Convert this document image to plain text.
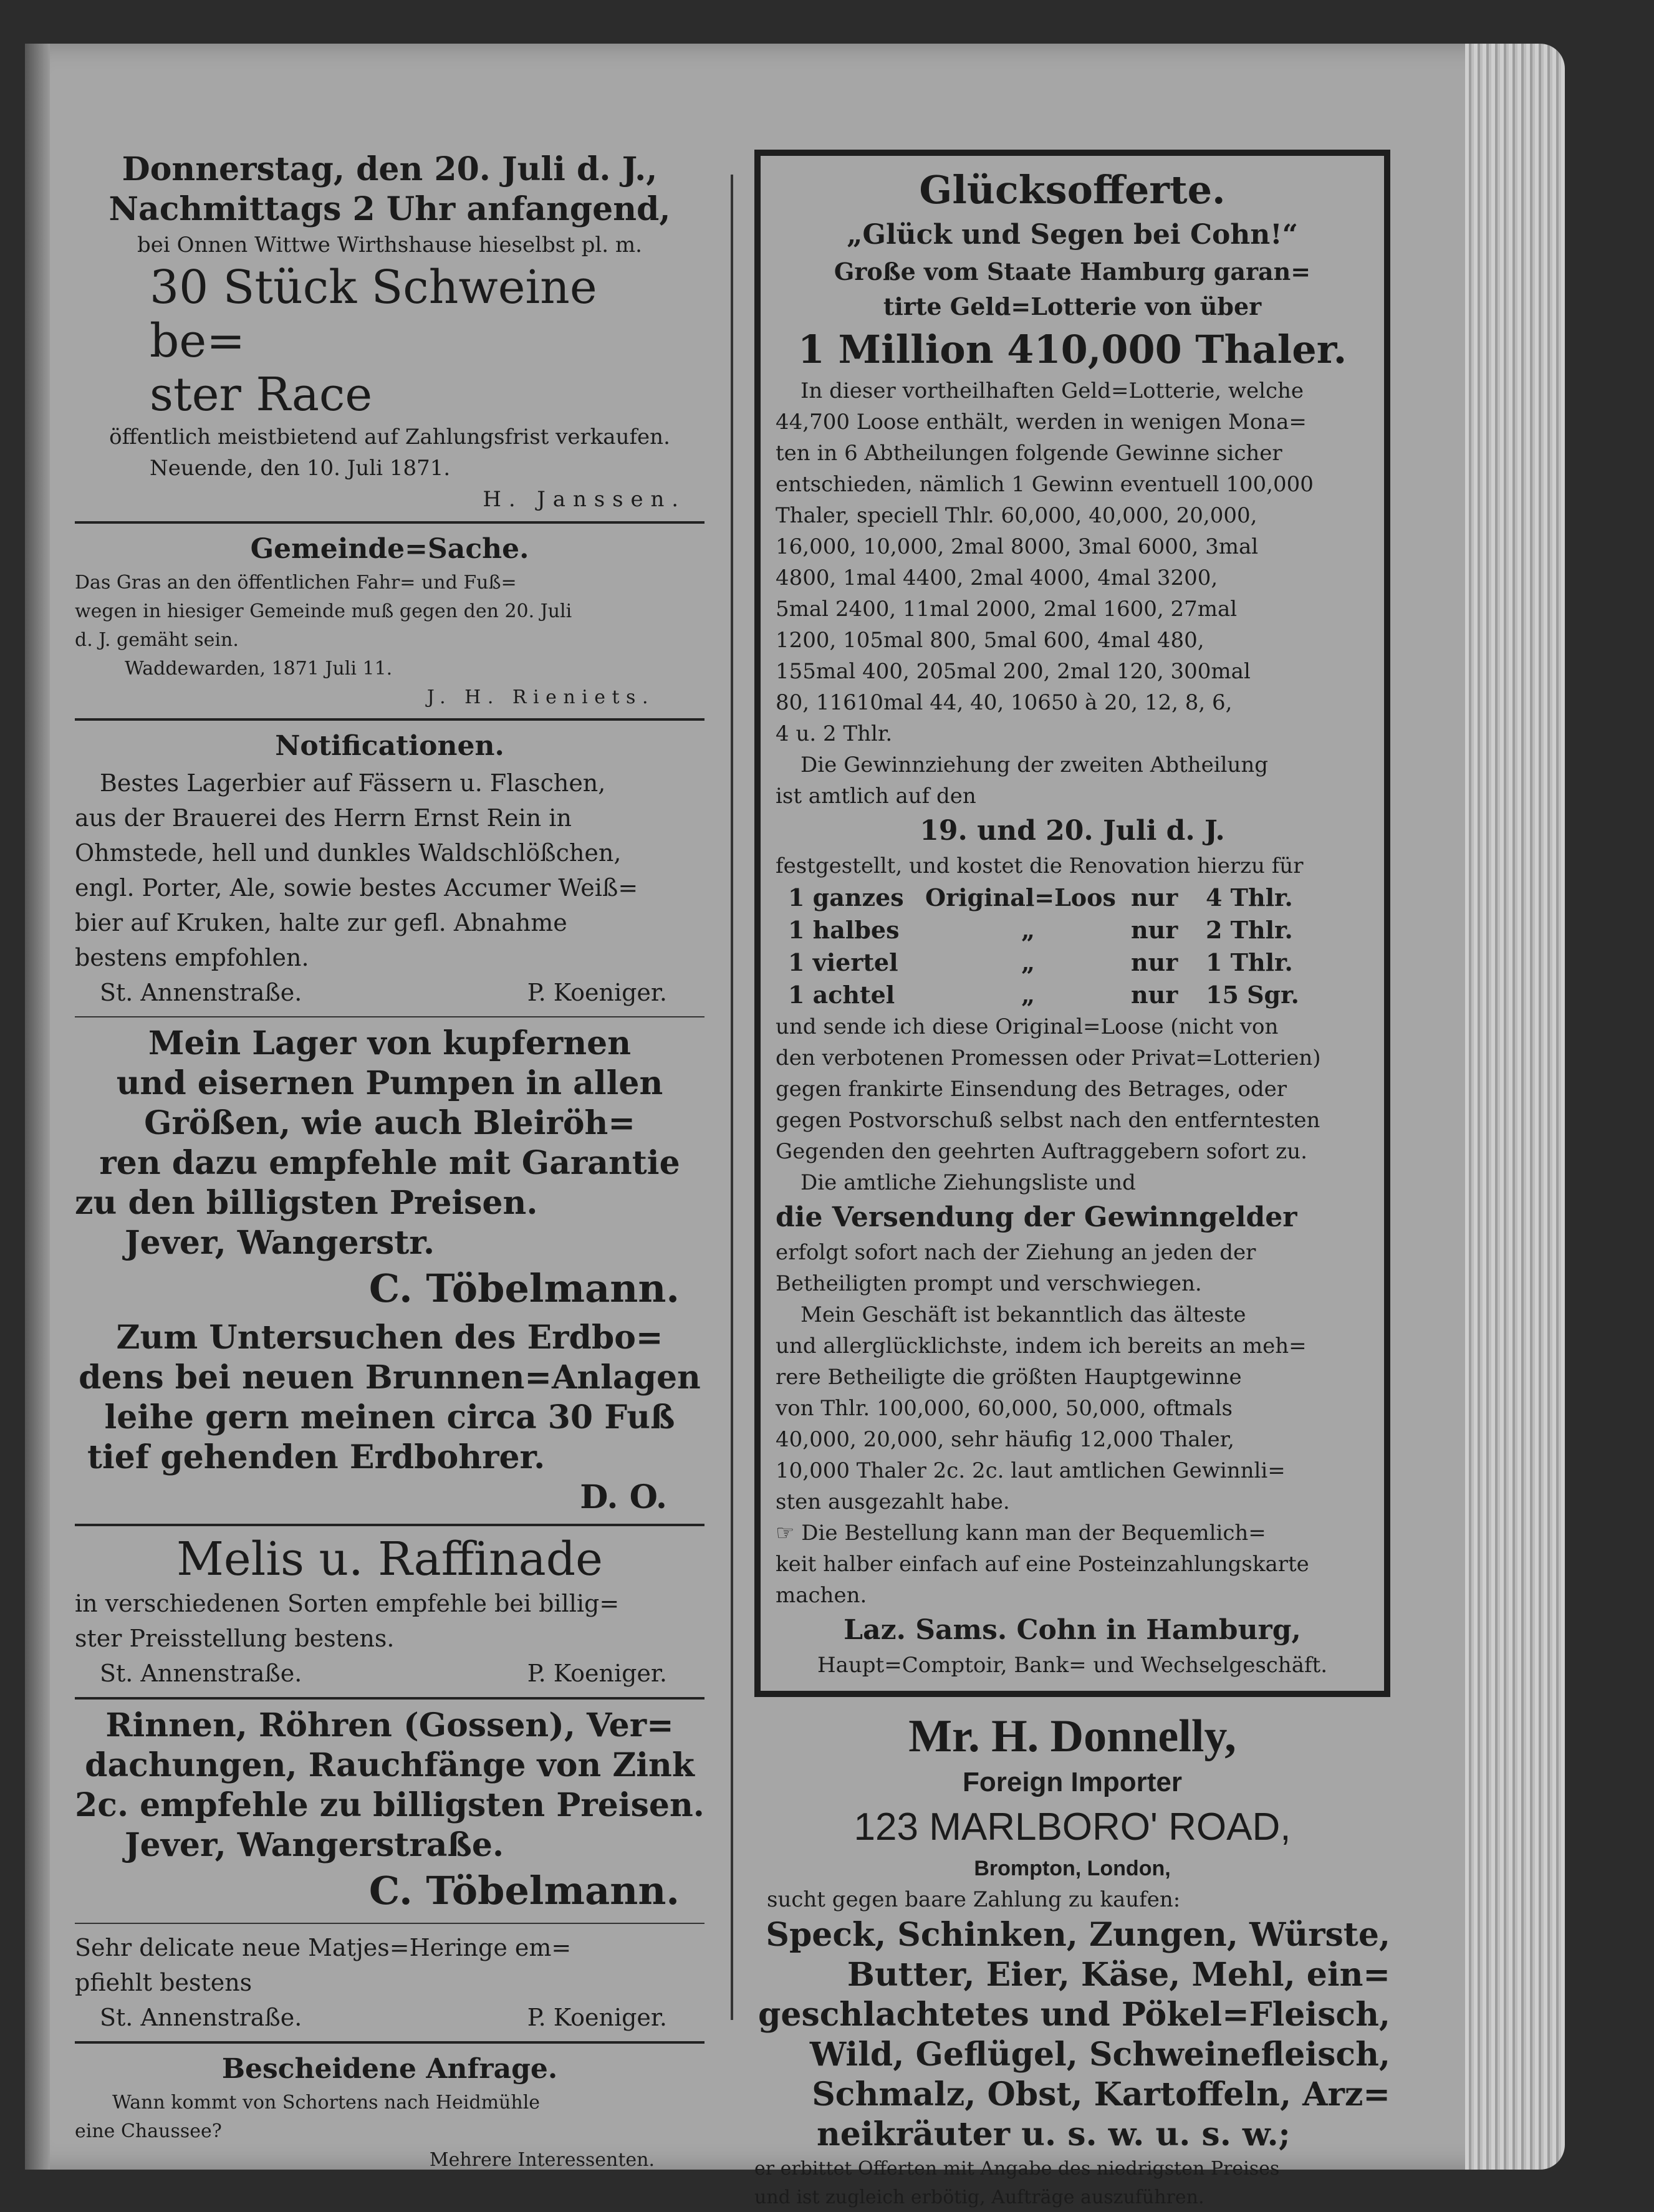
Donnerstag, den 20. Juli d. J.,

Nachmittags 2 Uhr anfangend,

bei Onnen Wittwe Wirthshause hieselbst pl. m.

30 Stück Schweine be=

ster Race

öffentlich meistbietend auf Zahlungsfrist verkaufen.

Neuende, den 10. Juli 1871.

H. Janssen.

Gemeinde=Sache.

Das Gras an den öffentlichen Fahr= und Fuß=

wegen in hiesiger Gemeinde muß gegen den 20. Juli

d. J. gemäht sein.

Waddewarden, 1871 Juli 11.

J. H. Rieniets.

Notificationen.

Bestes Lagerbier auf Fässern u. Flaschen,

aus der Brauerei des Herrn Ernst Rein in

Ohmstede, hell und dunkles Waldschlößchen,

engl. Porter, Ale, sowie bestes Accumer Weiß=

bier auf Kruken, halte zur gefl. Abnahme

bestens empfohlen.

St. Annenstraße.	P. Koeniger.

Mein Lager von kupfernen

und eisernen Pumpen in allen

Größen, wie auch Bleiröh=

ren dazu empfehle mit Garantie

zu den billigsten Preisen.

Jever, Wangerstr.

C. Töbelmann.

Zum Untersuchen des Erdbo=

dens bei neuen Brunnen=Anlagen

leihe gern meinen circa 30 Fuß

tief gehenden Erdbohrer.

D. O.

Melis u. Raffinade

in verschiedenen Sorten empfehle bei billig=

ster Preisstellung bestens.

St. Annenstraße.	P. Koeniger.

Rinnen, Röhren (Gossen), Ver=

dachungen, Rauchfänge von Zink

2c. empfehle zu billigsten Preisen.

Jever, Wangerstraße.

C. Töbelmann.

Sehr delicate neue Matjes=Heringe em=

pfiehlt bestens

St. Annenstraße.	P. Koeniger.

Bescheidene Anfrage.

Wann kommt von Schortens nach Heidmühle

eine Chaussee?

Mehrere Interessenten.

Glücksofferte.

„Glück und Segen bei Cohn!“

Große vom Staate Hamburg garan=

tirte Geld=Lotterie von über

1 Million 410,000 Thaler.

In dieser vortheilhaften Geld=Lotterie, welche

44,700 Loose enthält, werden in wenigen Mona=

ten in 6 Abtheilungen folgende Gewinne sicher

entschieden, nämlich 1 Gewinn eventuell 100,000

Thaler, speciell Thlr. 60,000, 40,000, 20,000,

16,000, 10,000, 2mal 8000, 3mal 6000, 3mal

4800, 1mal 4400, 2mal 4000, 4mal 3200,

5mal 2400, 11mal 2000, 2mal 1600, 27mal

1200, 105mal 800, 5mal 600, 4mal 480,

155mal 400, 205mal 200, 2mal 120, 300mal

80, 11610mal 44, 40, 10650 à 20, 12, 8, 6,

4 u. 2 Thlr.

Die Gewinnziehung der zweiten Abtheilung

ist amtlich auf den

19. und 20. Juli d. J.

festgestellt, und kostet die Renovation hierzu für

1 ganzes Original=Loos nur	4 Thlr.
1 halbes	„	nur	2 Thlr.
1 viertel	„	nur	1 Thlr.
1 achtel	„	nur	15 Sgr.

und sende ich diese Original=Loose (nicht von

den verbotenen Promessen oder Privat=Lotterien)

gegen frankirte Einsendung des Betrages, oder

gegen Postvorschuß selbst nach den entferntesten

Gegenden den geehrten Auftraggebern sofort zu.

Die amtliche Ziehungsliste und

die Versendung der Gewinngelder

erfolgt sofort nach der Ziehung an jeden der

Betheiligten prompt und verschwiegen.

Mein Geschäft ist bekanntlich das älteste

und allerglücklichste, indem ich bereits an meh=

rere Betheiligte die größten Hauptgewinne

von Thlr. 100,000, 60,000, 50,000, oftmals

40,000, 20,000, sehr häufig 12,000 Thaler,

10,000 Thaler 2c. 2c. laut amtlichen Gewinnli=

sten ausgezahlt habe.

☞ Die Bestellung kann man der Bequemlich=

keit halber einfach auf eine Posteinzahlungskarte

machen.

Laz. Sams. Cohn in Hamburg,

Haupt=Comptoir, Bank= und Wechselgeschäft.

Mr. H. Donnelly,

Foreign Importer

123 MARLBORO' ROAD,

Brompton, London,

sucht gegen baare Zahlung zu kaufen:

Speck, Schinken, Zungen, Würste,

Butter, Eier, Käse, Mehl, ein=

geschlachtetes und Pökel=Fleisch,

Wild, Geflügel, Schweinefleisch,

Schmalz, Obst, Kartoffeln, Arz=

neikräuter u. s. w. u. s. w.;

er erbittet Offerten mit Angabe des niedrigsten Preises

und ist zugleich erbötig, Aufträge auszuführen.
